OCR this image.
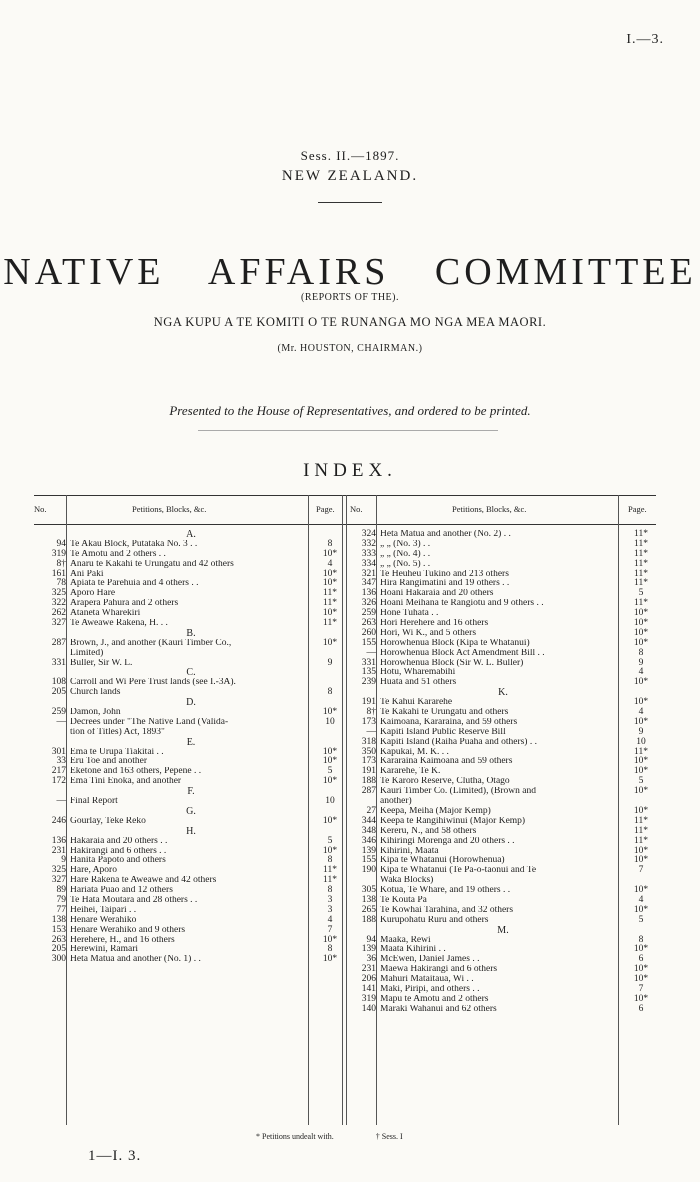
I.—3.
Sess. II.—1897.
NEW ZEALAND.
NATIVE AFFAIRS COMMITTEE
(REPORTS OF THE).
NGA KUPU A TE KOMITI O TE RUNANGA MO NGA MEA MAORI.
(Mr. HOUSTON, CHAIRMAN.)
Presented to the House of Representatives, and ordered to be printed.
INDEX.
No.	Petitions, Blocks, &c.	Page. No.	Petitions, Blocks, &c.	Page.
A.
94 Te Akau Block, Putataka No. 3 . .	8
319 Te Amotu and 2 others . .	10*
8† Anaru te Kakahi te Urungatu and 42 others	4
161 Ani Paki	10*
78 Apiata te Parehuia and 4 others . .	10*
325 Aporo Hare	11*
322 Arapera Pahura and 2 others	11*
262 Ataneta Wharekiri	10*
327 Te Aweawe Rakena, H. . .	11*
B.
287 Brown, J., and another (Kauri Timber Co.,	10*
Limited)
331 Buller, Sir W. L.	9
C.
108 Carroll and Wi Pere Trust lands (see I.-3A).
205 Church lands	8
D.
259 Damon, John	10*
— Decrees under "The Native Land (Valida-	10
tion of Titles) Act, 1893"
E.
301 Ema te Urupa Tiakitai . .	10*
33 Eru Toe and another	10*
217 Eketone and 163 others, Pepene . .	5
172 Ema Tini Enoka, and another	10*
F.
— Final Report	10
G.
246 Gourlay, Teke Reko	10*
H.
136 Hakaraia and 20 others . .	5
231 Hakirangi and 6 others . .	10*
9 Hanita Papoto and others	8
325 Hare, Aporo	11*
327 Hare Rakena te Aweawe and 42 others	11*
89 Hariata Puao and 12 others	8
79 Te Hata Moutara and 28 others . .	3
77 Heihei, Taipari . .	3
138 Henare Werahiko	4
153 Henare Werahiko and 9 others	7
263 Herehere, H., and 16 others	10*
205 Herewini, Ramari	8
300 Heta Matua and another (No. 1) . .	10*
324 Heta Matua and another (No. 2) . .	11*
332 „ „ (No. 3) . .	11*
333 „ „ (No. 4) . .	11*
334 „ „ (No. 5) . .	11*
321 Te Heuheu Tukino and 213 others	11*
347 Hira Rangimatini and 19 others . .	11*
136 Hoani Hakaraia and 20 others	5
326 Hoani Meihana te Rangiotu and 9 others . .	11*
259 Hone Tuhata . .	10*
263 Hori Herehere and 16 others	10*
260 Hori, Wi K., and 5 others	10*
155 Horowhenua Block (Kipa te Whatanui)	10*
— Horowhenua Block Act Amendment Bill . .	8
331 Horowhenua Block (Sir W. L. Buller)	9
135 Hotu, Wharemabihi	4
239 Huata and 51 others	10*
K.
191 Te Kahui Kararehe	10*
8† Te Kakahi te Urungatu and others	4
173 Kaimoana, Kararaina, and 59 others	10*
— Kapiti Island Public Reserve Bill	9
318 Kapiti Island (Raiha Puaha and others) . .	10
350 Kapukai, M. K. . .	11*
173 Kararaina Kaimoana and 59 others	10*
191 Kararehe, Te K.	10*
188 Te Karoro Reserve, Clutha, Otago	5
287 Kauri Timber Co. (Limited), (Brown and	10*
another)
27 Keepa, Meiha (Major Kemp)	10*
344 Keepa te Rangihiwinui (Major Kemp)	11*
348 Kereru, N., and 58 others	11*
346 Kihiringi Morenga and 20 others . .	11*
139 Kihirini, Maata	10*
155 Kipa te Whatanui (Horowhenua)	10*
190 Kipa te Whatanui (Te Pa-o-taonui and Te	7
Waka Blocks)
305 Kotua, Te Whare, and 19 others . .	10*
138 Te Kouta Pa	4
265 Te Kowhai Tarahina, and 32 others	10*
188 Kurupohatu Ruru and others	5
M.
94 Maaka, Rewi	8
139 Maata Kihirini . .	10*
36 McEwen, Daniel James . .	6
231 Maewa Hakirangi and 6 others	10*
206 Mahuri Mataitaua, Wi . .	10*
141 Maki, Piripi, and others . .	7
319 Mapu te Amotu and 2 others	10*
140 Maraki Wahanui and 62 others	6
* Petitions undealt with.	† Sess. I
1—I. 3.
